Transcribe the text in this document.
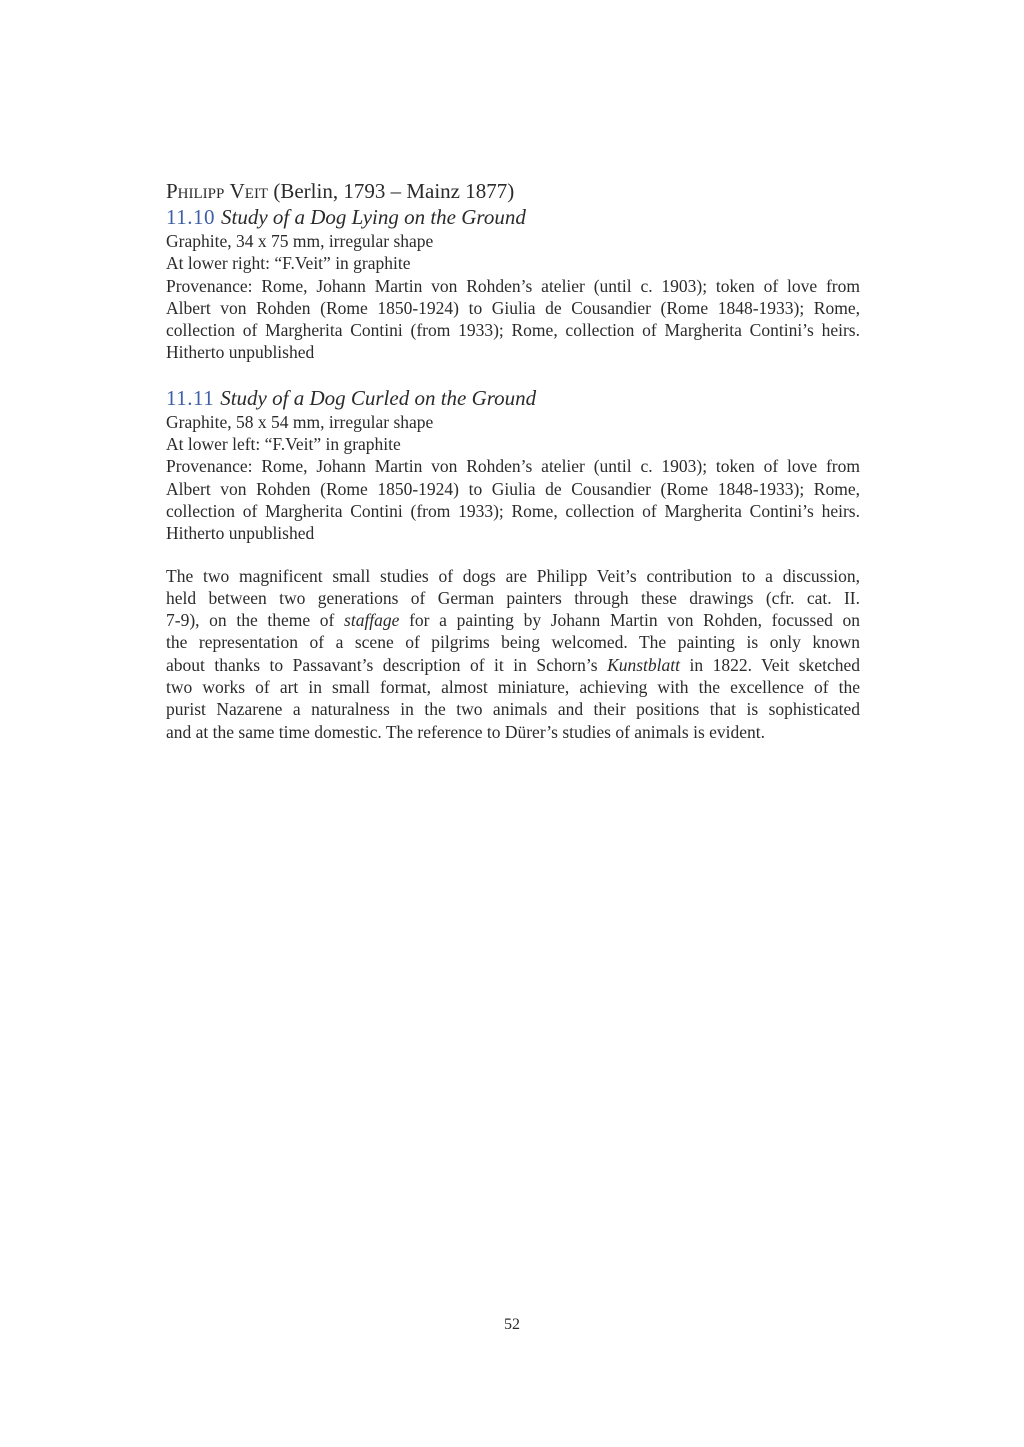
Philipp Veit (Berlin, 1793 – Mainz 1877)
11.10 Study of a Dog Lying on the Ground
Graphite, 34 x 75 mm, irregular shape
At lower right: “F.Veit” in graphite
Provenance: Rome, Johann Martin von Rohden’s atelier (until c. 1903); token of love from
Albert von Rohden (Rome 1850-1924) to Giulia de Cousandier (Rome 1848-1933); Rome,
collection of Margherita Contini (from 1933); Rome, collection of Margherita Contini’s heirs.
Hitherto unpublished
11.11 Study of a Dog Curled on the Ground
Graphite, 58 x 54 mm, irregular shape
At lower left: “F.Veit” in graphite
Provenance: Rome, Johann Martin von Rohden’s atelier (until c. 1903); token of love from
Albert von Rohden (Rome 1850-1924) to Giulia de Cousandier (Rome 1848-1933); Rome,
collection of Margherita Contini (from 1933); Rome, collection of Margherita Contini’s heirs.
Hitherto unpublished
The two magnificent small studies of dogs are Philipp Veit’s contribution to a discussion,
held between two generations of German painters through these drawings (cfr. cat. II.
7-9), on the theme of staffage for a painting by Johann Martin von Rohden, focussed on
the representation of a scene of pilgrims being welcomed. The painting is only known
about thanks to Passavant’s description of it in Schorn’s Kunstblatt in 1822. Veit sketched
two works of art in small format, almost miniature, achieving with the excellence of the
purist Nazarene a naturalness in the two animals and their positions that is sophisticated
and at the same time domestic. The reference to Dürer’s studies of animals is evident.
52
